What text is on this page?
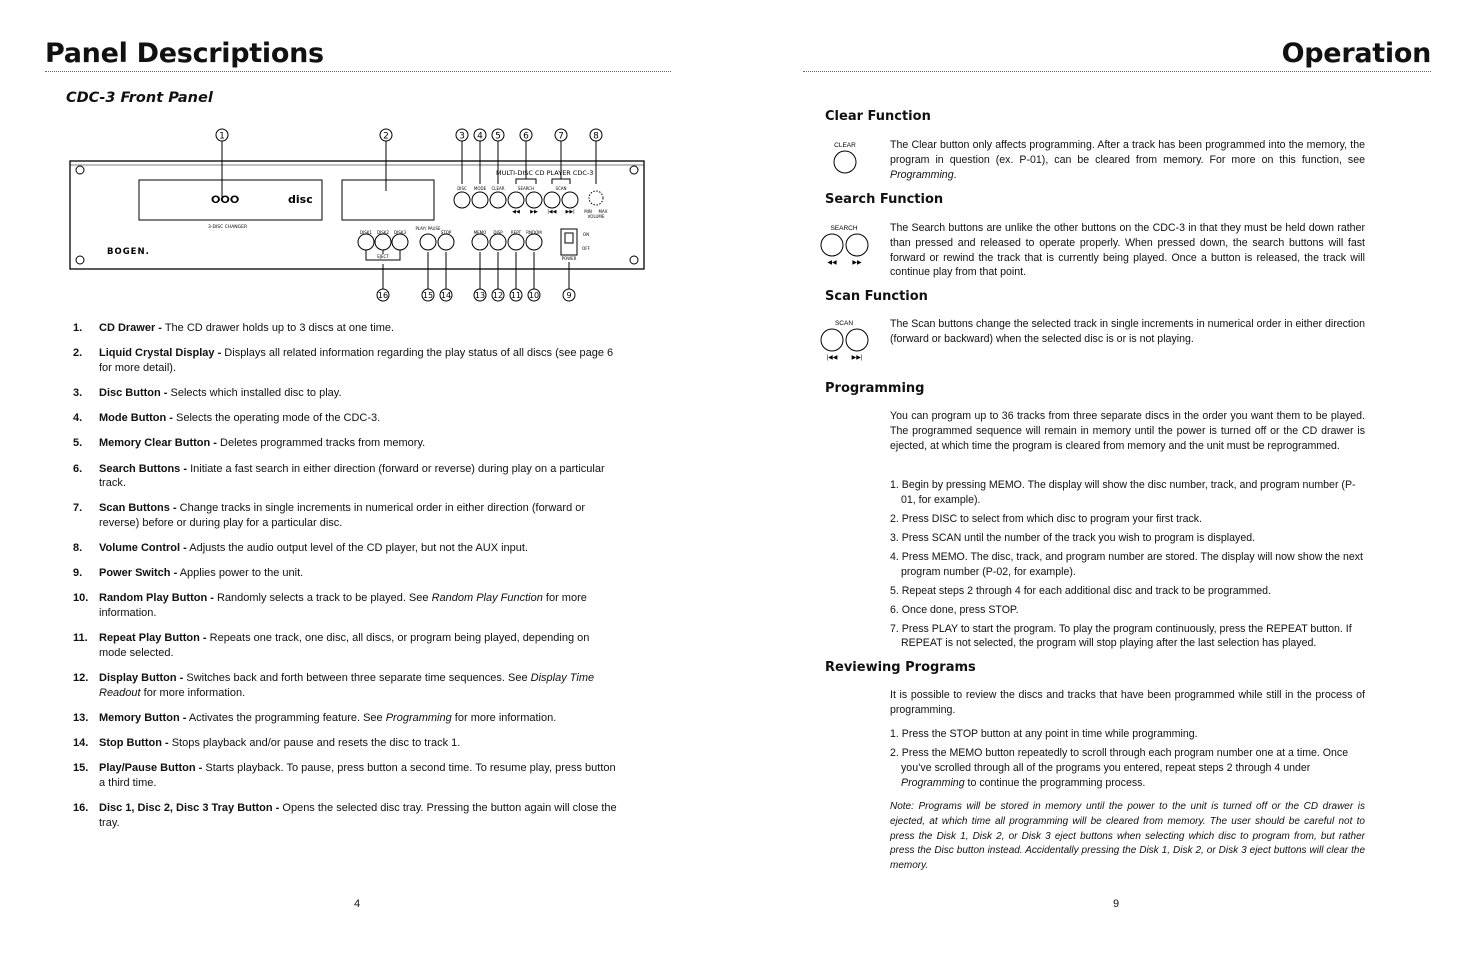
Panel Descriptions
CDC-3 Front Panel
1	2	3 4 5 6	7	8
ⵔⵔⵔ	disc
3-DISC CHANGER
BOGEN.
MULTI-DISC CD PLAYER CDC-3
DISC MODE CLEAR	SEARCH	SCAN
DISK1 DISK2 DISK3
PLAY/ PAUSE
STOP	MEMO DISP REPT RNDOM
EJECT	POWER
ON
OFF
MIN MAX
VOLUME
◀◀ ▶▶ |◀◀ ▶▶|
16	15 14	13 12 11 10	9
1. CD Drawer - The CD drawer holds up to 3 discs at one time.
2. Liquid Crystal Display - Displays all related information regarding the play status of all discs (see page 6 for more detail).
3. Disc Button - Selects which installed disc to play.
4. Mode Button - Selects the operating mode of the CDC-3.
5. Memory Clear Button - Deletes programmed tracks from memory.
6. Search Buttons - Initiate a fast search in either direction (forward or reverse) during play on a particular track.
7. Scan Buttons - Change tracks in single increments in numerical order in either direction (forward or reverse) before or during play for a particular disc.
8. Volume Control - Adjusts the audio output level of the CD player, but not the AUX input.
9. Power Switch - Applies power to the unit.
10. Random Play Button - Randomly selects a track to be played. See Random Play Function for more information.
11. Repeat Play Button - Repeats one track, one disc, all discs, or program being played, depending on mode selected.
12. Display Button - Switches back and forth between three separate time sequences. See Display Time Readout for more information.
13. Memory Button - Activates the programming feature. See Programming for more information.
14. Stop Button - Stops playback and/or pause and resets the disc to track 1.
15. Play/Pause Button - Starts playback. To pause, press button a second time. To resume play, press button a third time.
16. Disc 1, Disc 2, Disc 3 Tray Button - Opens the selected disc tray. Pressing the button again will close the tray.
4
Operation
Clear Function
CLEAR	The Clear button only affects programming. After a track has been programmed into the memory, the program in question (ex. P-01), can be cleared from memory. For more on this function, see Programming.
Search Function
SEARCH
◀◀	▶▶
The Search buttons are unlike the other buttons on the CDC-3 in that they must be held down rather than pressed and released to operate properly. When pressed down, the search buttons will fast forward or rewind the track that is currently being played. Once a button is released, the track will continue play from that point.
Scan Function
SCAN
|◀◀ ▶▶|
The Scan buttons change the selected track in single increments in numerical order in either direction (forward or backward) when the selected disc is or is not playing.
Programming
You can program up to 36 tracks from three separate discs in the order you want them to be played. The programmed sequence will remain in memory until the power is turned off or the CD drawer is ejected, at which time the program is cleared from memory and the unit must be reprogrammed.
1. Begin by pressing MEMO. The display will show the disc number, track, and program number (P-01, for example).
2. Press DISC to select from which disc to program your first track.
3. Press SCAN until the number of the track you wish to program is displayed.
4. Press MEMO. The disc, track, and program number are stored. The display will now show the next program number (P-02, for example).
5. Repeat steps 2 through 4 for each additional disc and track to be programmed.
6. Once done, press STOP.
7. Press PLAY to start the program. To play the program continuously, press the REPEAT button. If REPEAT is not selected, the program will stop playing after the last selection has played.
Reviewing Programs
It is possible to review the discs and tracks that have been programmed while still in the process of programming.
1. Press the STOP button at any point in time while programming.
2. Press the MEMO button repeatedly to scroll through each program number one at a time. Once you’ve scrolled through all of the programs you entered, repeat steps 2 through 4 under Programming to continue the programming process.
Note: Programs will be stored in memory until the power to the unit is turned off or the CD drawer is ejected, at which time all programming will be cleared from memory. The user should be careful not to press the Disk 1, Disk 2, or Disk 3 eject buttons when selecting which disc to program from, but rather press the Disc button instead. Accidentally pressing the Disk 1, Disk 2, or Disk 3 eject buttons will clear the memory.
9
